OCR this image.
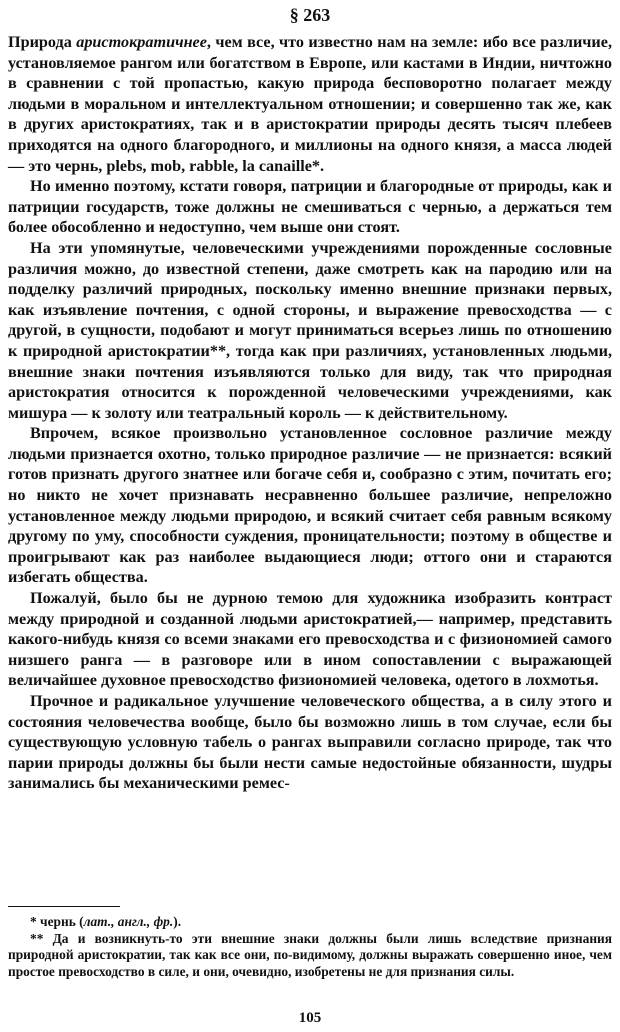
§ 263

Природа аристократичнее, чем все, что известно нам на земле: ибо все различие, установляемое рангом или богатством в Европе, или кастами в Индии, ничтожно в сравнении с той пропастью, какую природа бесповоротно полагает между людьми в моральном и интеллектуальном отношении; и совершенно так же, как в других аристократиях, так и в аристократии природы десять тысяч плебеев приходятся на одного благородного, и миллионы на одного князя, а масса людей — это чернь, plebs, mob, rabble, la canaille*.

Но именно поэтому, кстати говоря, патриции и благородные от природы, как и патриции государств, тоже должны не смешиваться с чернью, а держаться тем более обособленно и недоступно, чем выше они стоят.

На эти упомянутые, человеческими учреждениями порожденные сословные различия можно, до известной степени, даже смотреть как на пародию или на подделку различий природных, поскольку именно внешние признаки первых, как изъявление почтения, с одной стороны, и выражение превосходства — с другой, в сущности, подобают и могут приниматься всерьез лишь по отношению к природной аристократии**, тогда как при различиях, установленных людьми, внешние знаки почтения изъявляются только для виду, так что природная аристократия относится к порожденной человеческими учреждениями, как мишура — к золоту или театральный король — к действительному.

Впрочем, всякое произвольно установленное сословное различие между людьми признается охотно, только природное различие — не признается: всякий готов признать другого знатнее или богаче себя и, сообразно с этим, почитать его; но никто не хочет признавать несравненно большее различие, непреложно установленное между людьми природою, и всякий считает себя равным всякому другому по уму, способности суждения, проницательности; поэтому в обществе и проигрывают как раз наиболее выдающиеся люди; оттого они и стараются избегать общества.

Пожалуй, было бы не дурною темою для художника изобразить контраст между природной и созданной людьми аристократией,— например, представить какого-нибудь князя со всеми знаками его превосходства и с физиономией самого низшего ранга — в разговоре или в ином сопоставлении с выражающей величайшее духовное превосходство физиономией человека, одетого в лохмотья.

Прочное и радикальное улучшение человеческого общества, а в силу этого и состояния человечества вообще, было бы возможно лишь в том случае, если бы существующую условную табель о рангах выправили согласно природе, так что парии природы должны бы были нести самые недостойные обязанности, шудры занимались бы механическими ремес-

* чернь (лат., англ., фр.).

** Да и возникнуть-то эти внешние знаки должны были лишь вследствие признания природной аристократии, так как все они, по-видимому, должны выражать совершенно иное, чем простое превосходство в силе, и они, очевидно, изобретены не для признания силы.

105
